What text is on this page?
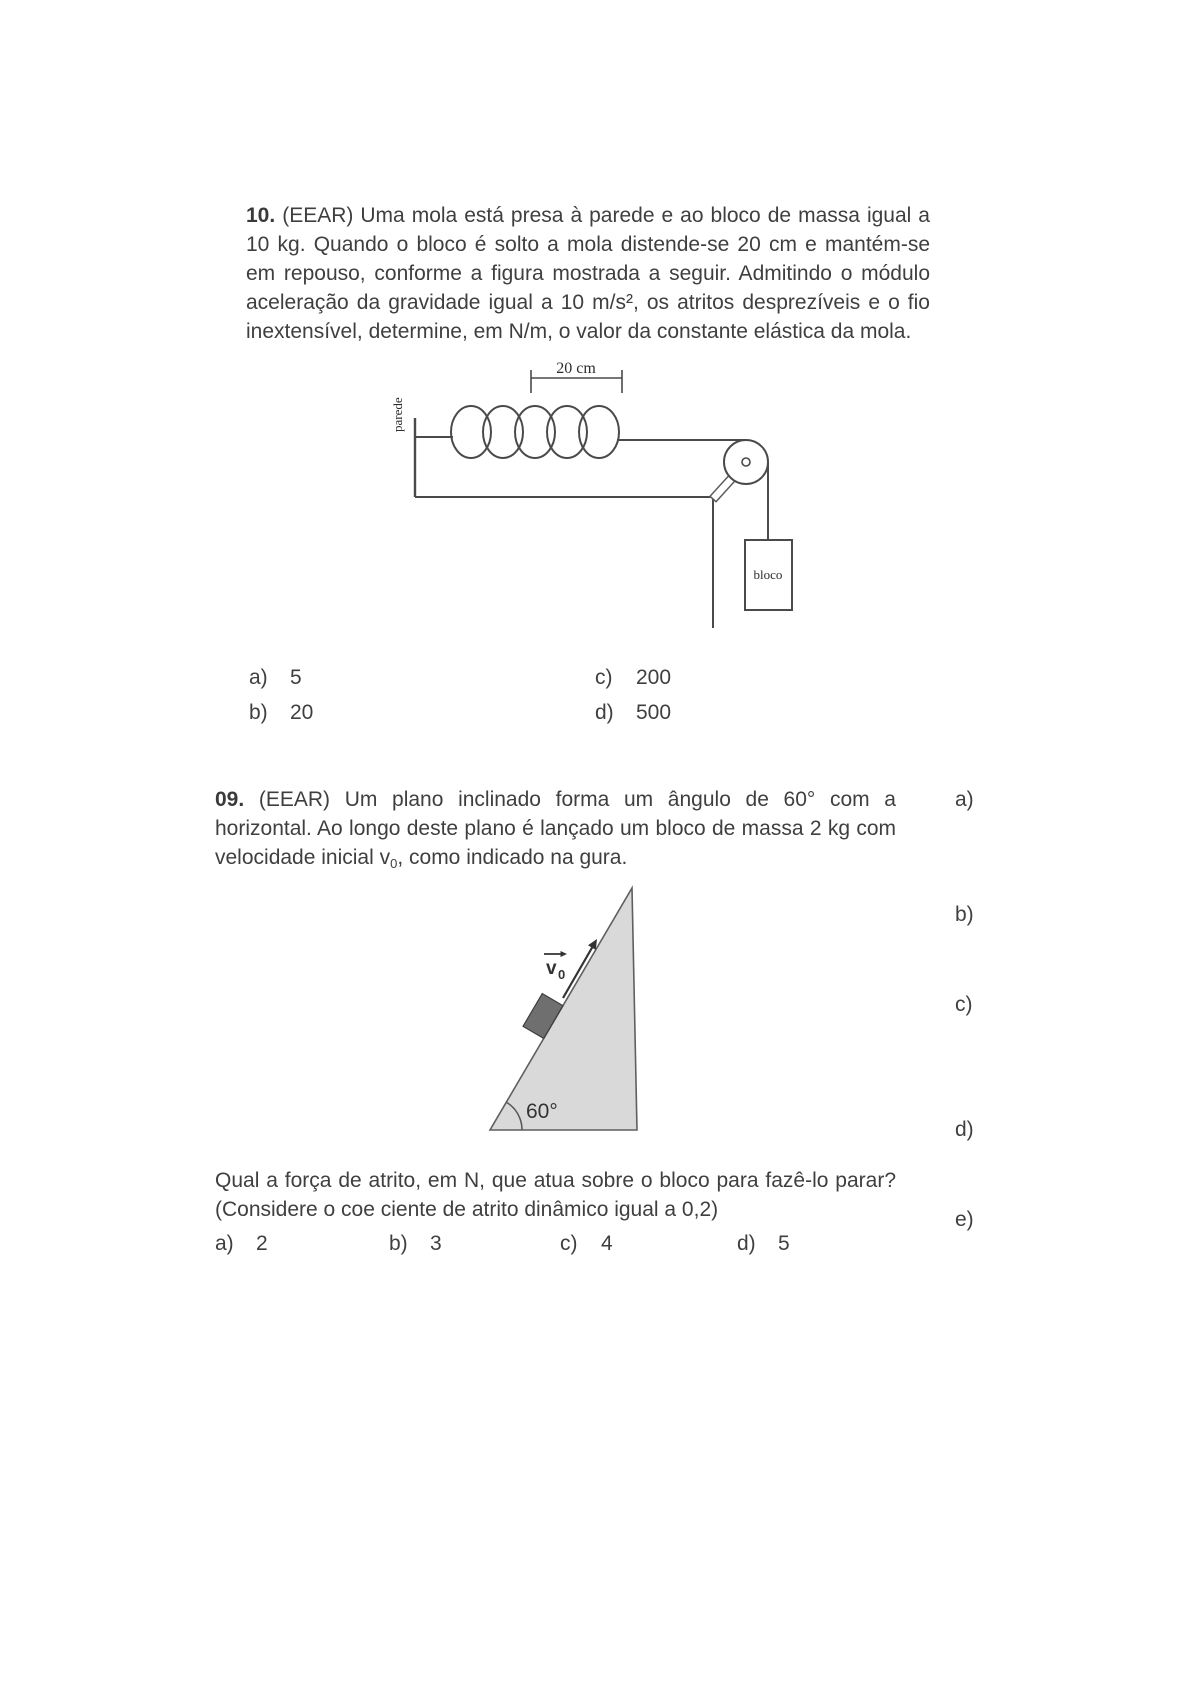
10. (EEAR) Uma mola está presa à parede e ao bloco de massa igual a 10 kg. Quando o bloco é solto a mola distende-se 20 cm e mantém-se em repouso, conforme a figura mostrada a seguir. Admitindo o módulo aceleração da gravidade igual a 10 m/s², os atritos desprezíveis e o fio inextensível, determine, em N/m, o valor da constante elástica da mola.
20 cm
parede
bloco
a) 5
b) 20
c) 200
d) 500
09. (EEAR) Um plano inclinado forma um ângulo de 60° com a horizontal. Ao longo deste plano é lançado um bloco de massa 2 kg com velocidade inicial $v_0$, como indicado na gura.
60°
v 0
Qual a força de atrito, em N, que atua sobre o bloco para fazê-lo parar? (Considere o coe ciente de atrito dinâmico igual a 0,2)
a) 2	b) 3	c) 4	d) 5
a)
b)
c)
d)
e)
